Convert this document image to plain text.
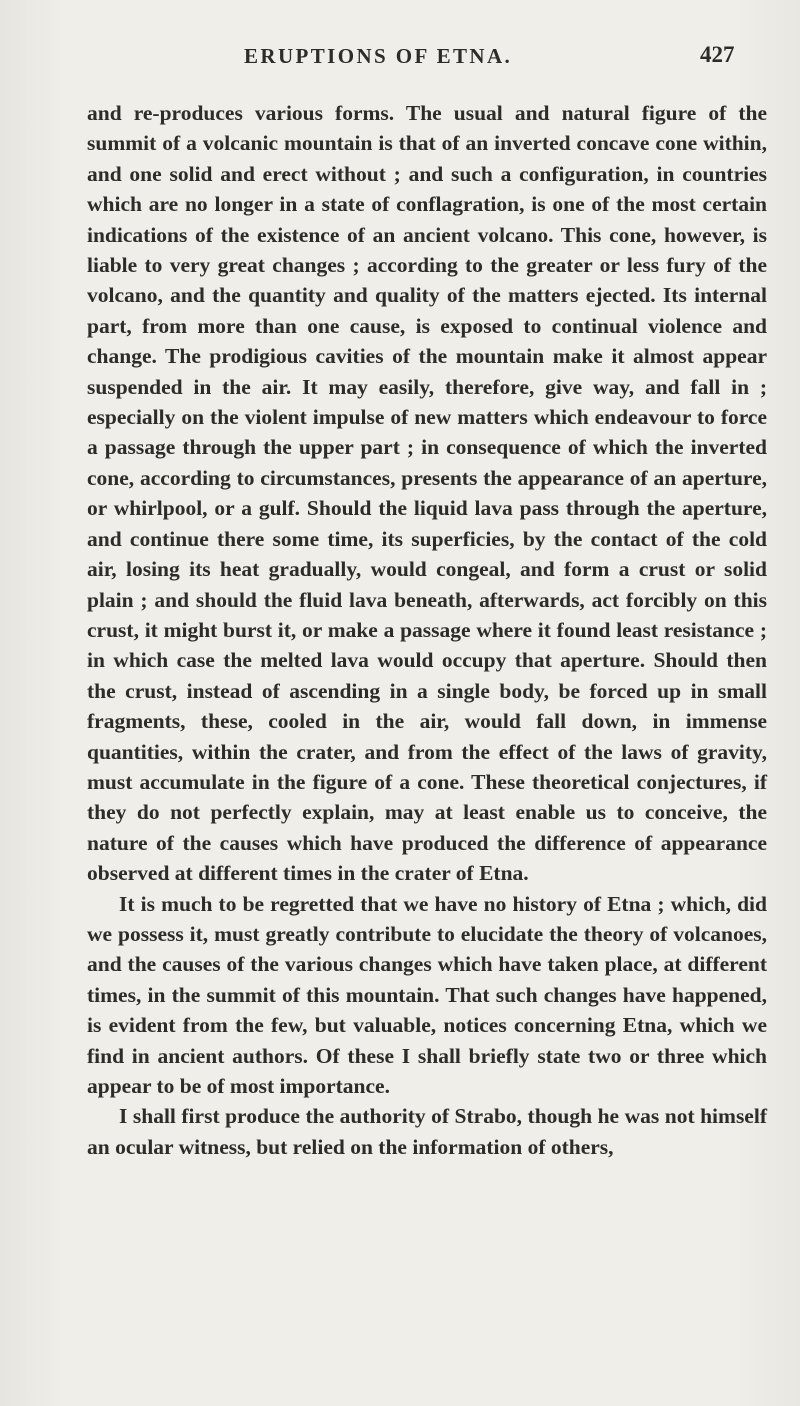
ERUPTIONS OF ETNA.	427

and re-produces various forms. The usual and natural figure of the summit of a volcanic mountain is that of an inverted concave cone within, and one solid and erect without ; and such a configuration, in countries which are no longer in a state of conflagration, is one of the most certain indications of the existence of an ancient volcano. This cone, however, is liable to very great changes ; according to the greater or less fury of the volcano, and the quantity and quality of the matters ejected. Its internal part, from more than one cause, is exposed to continual violence and change. The prodigious cavities of the mountain make it almost appear suspended in the air. It may easily, therefore, give way, and fall in ; especially on the violent impulse of new matters which endeavour to force a passage through the upper part ; in consequence of which the inverted cone, according to circumstances, presents the appearance of an aperture, or whirlpool, or a gulf. Should the liquid lava pass through the aperture, and continue there some time, its superficies, by the contact of the cold air, losing its heat gradually, would congeal, and form a crust or solid plain ; and should the fluid lava beneath, afterwards, act forcibly on this crust, it might burst it, or make a passage where it found least resistance ; in which case the melted lava would occupy that aperture. Should then the crust, instead of ascending in a single body, be forced up in small fragments, these, cooled in the air, would fall down, in immense quantities, within the crater, and from the effect of the laws of gravity, must accumulate in the figure of a cone. These theoretical conjectures, if they do not perfectly explain, may at least enable us to conceive, the nature of the causes which have produced the difference of appearance observed at different times in the crater of Etna.

It is much to be regretted that we have no history of Etna ; which, did we possess it, must greatly contribute to elucidate the theory of volcanoes, and the causes of the various changes which have taken place, at different times, in the summit of this mountain. That such changes have happened, is evident from the few, but valuable, notices concerning Etna, which we find in ancient authors. Of these I shall briefly state two or three which appear to be of most importance.

I shall first produce the authority of Strabo, though he was not himself an ocular witness, but relied on the information of others,
